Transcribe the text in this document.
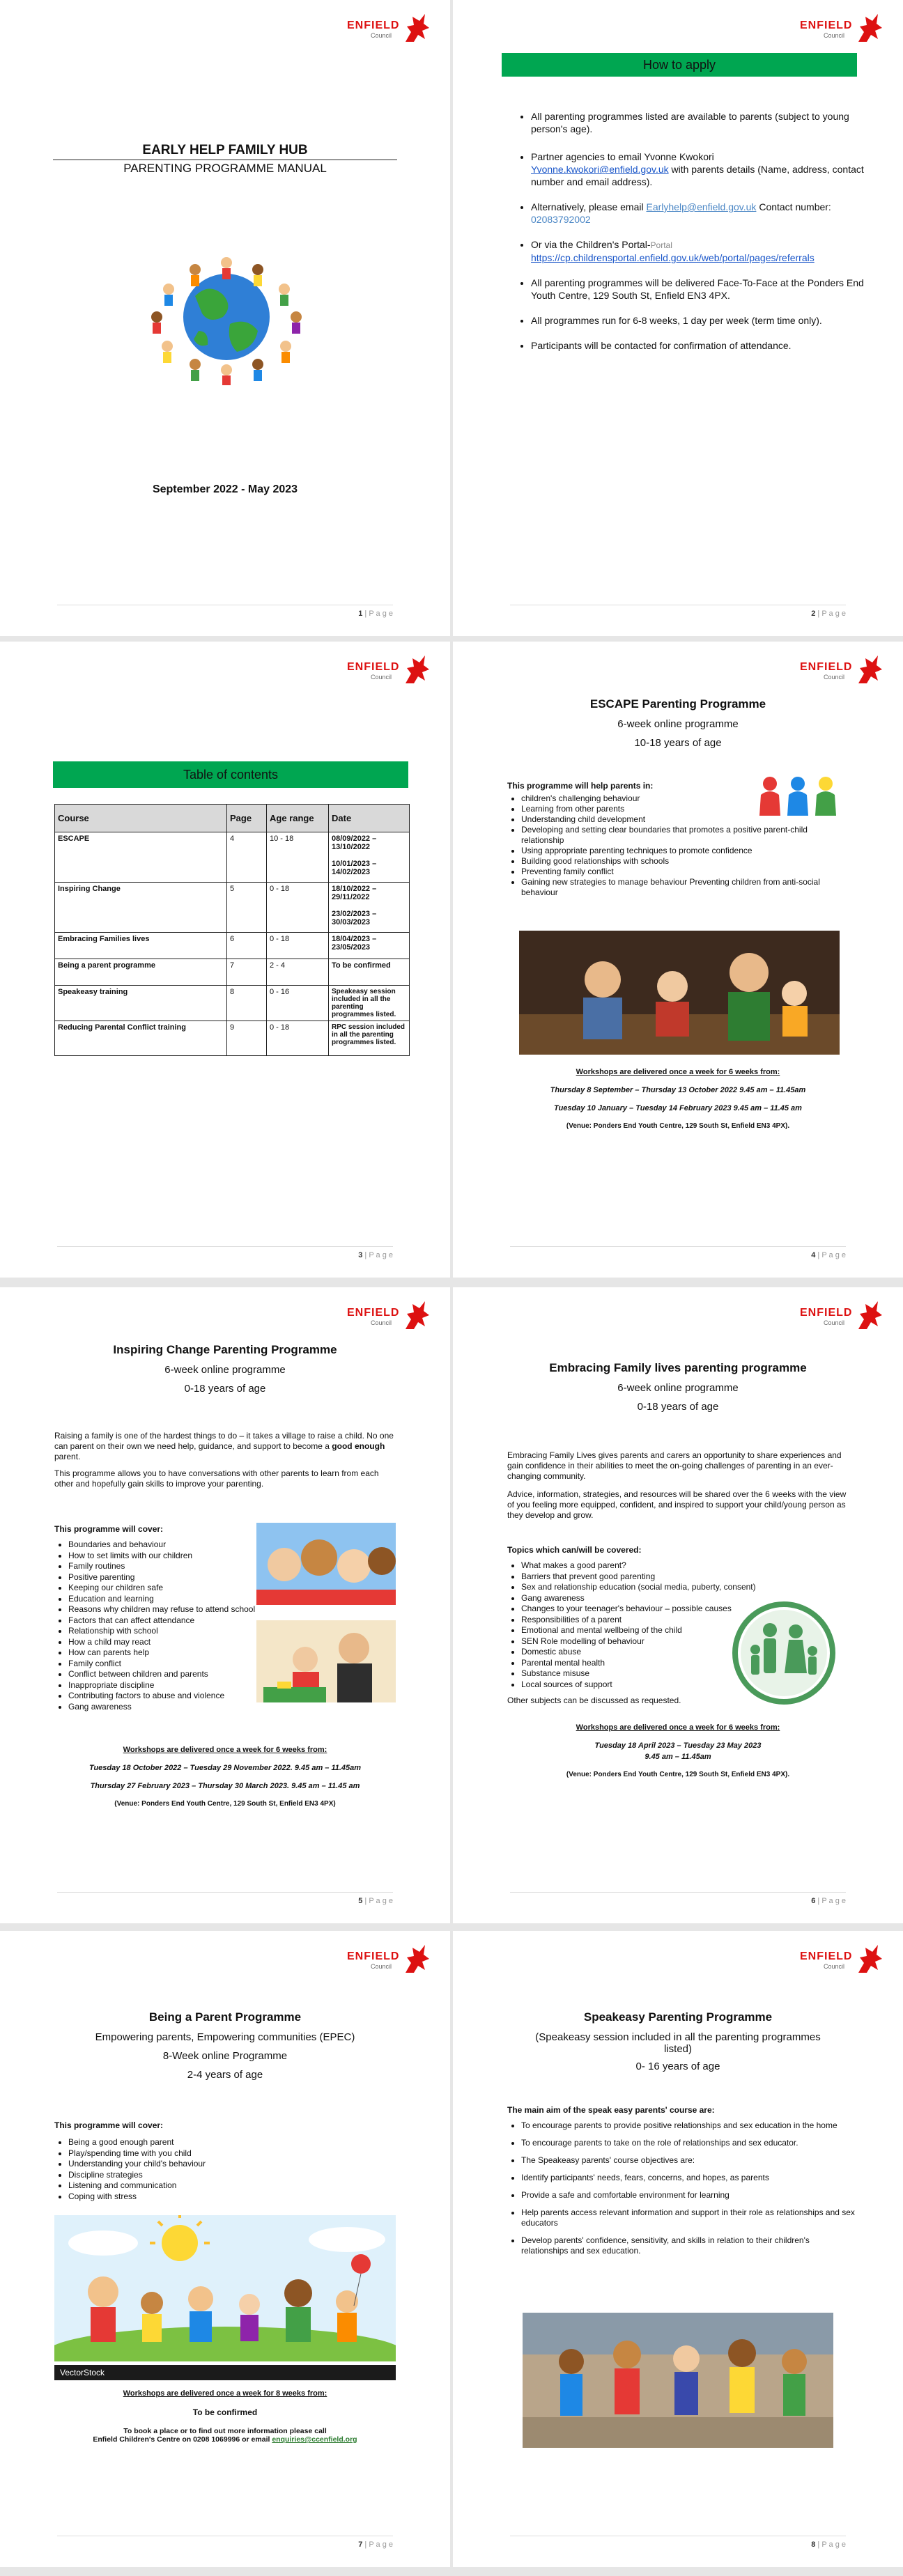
ENFIELD
Council
EARLY HELP FAMILY HUB
PARENTING PROGRAMME MANUAL
September 2022 - May 2023
1 | P a g e
ENFIELD
Council
How to apply
• All parenting programmes listed are available to parents (subject to young person's age).
• Partner agencies to email Yvonne Kwokori
Yvonne.kwokori@enfield.gov.uk with parents details (Name, address, contact number and email address).
• Alternatively, please email Earlyhelp@enfield.gov.uk Contact number: 02083792002
• Or via the Children's Portal-Portal
https://cp.childrensportal.enfield.gov.uk/web/portal/pages/referrals
• All parenting programmes will be delivered Face-To-Face at the Ponders End Youth Centre, 129 South St, Enfield EN3 4PX.
• All programmes run for 6-8 weeks, 1 day per week (term time only).
• Participants will be contacted for confirmation of attendance.
2 | P a g e
ENFIELD
Council
Table of contents
Course	Page	Age range	Date
ESCAPE	4	10 - 18	08/09/2022 – 13/10/2022

10/01/2023 – 14/02/2023
Inspiring Change	5	0 - 18	18/10/2022 – 29/11/2022

23/02/2023 – 30/03/2023
Embracing Families lives	6	0 - 18	18/04/2023 – 23/05/2023
Being a parent programme	7	2 - 4	To be confirmed
Speakeasy training	8	0 - 16	Speakeasy session included in all the parenting programmes listed.
Reducing Parental Conflict training	9	0 - 18	RPC session included in all the parenting programmes listed.
3 | P a g e
ENFIELD
Council
ESCAPE Parenting Programme
6-week online programme
10-18 years of age
This programme will help parents in:
• children's challenging behaviour
• Learning from other parents
• Understanding child development
• Developing and setting clear boundaries that promotes a positive parent-child relationship
• Using appropriate parenting techniques to promote confidence
• Building good relationships with schools
• Preventing family conflict
• Gaining new strategies to manage behaviour Preventing children from anti-social behaviour
Workshops are delivered once a week for 6 weeks from:
Thursday 8 September – Thursday 13 October 2022 9.45 am – 11.45am
Tuesday 10 January – Tuesday 14 February 2023 9.45 am – 11.45 am
(Venue: Ponders End Youth Centre, 129 South St, Enfield EN3 4PX).
4 | P a g e
ENFIELD
Council
Inspiring Change Parenting Programme
6-week online programme
0-18 years of age
Raising a family is one of the hardest things to do – it takes a village to raise a child. No one can parent on their own we need help, guidance, and support to become a good enough parent.
This programme allows you to have conversations with other parents to learn from each other and hopefully gain skills to improve your parenting.
This programme will cover:
• Boundaries and behaviour
• How to set limits with our children
• Family routines
• Positive parenting
• Keeping our children safe
• Education and learning
• Reasons why children may refuse to attend school
• Factors that can affect attendance
• Relationship with school
• How a child may react
• How can parents help
• Family conflict
• Conflict between children and parents
• Inappropriate discipline
• Contributing factors to abuse and violence
• Gang awareness
Workshops are delivered once a week for 6 weeks from:
Tuesday 18 October 2022 – Tuesday 29 November 2022. 9.45 am – 11.45am
Thursday 27 February 2023 – Thursday 30 March 2023. 9.45 am – 11.45 am
(Venue: Ponders End Youth Centre, 129 South St, Enfield EN3 4PX)
5 | P a g e
ENFIELD
Council
Embracing Family lives parenting programme
6-week online programme
0-18 years of age
Embracing Family Lives gives parents and carers an opportunity to share experiences and gain confidence in their abilities to meet the on-going challenges of parenting in an ever-changing community.
Advice, information, strategies, and resources will be shared over the 6 weeks with the view of you feeling more equipped, confident, and inspired to support your child/young person as they develop and grow.
Topics which can/will be covered:
• What makes a good parent?
• Barriers that prevent good parenting
• Sex and relationship education (social media, puberty, consent)
• Gang awareness
• Changes to your teenager's behaviour – possible causes
• Responsibilities of a parent
• Emotional and mental wellbeing of the child
• SEN Role modelling of behaviour
• Domestic abuse
• Parental mental health
• Substance misuse
• Local sources of support
Other subjects can be discussed as requested.
Workshops are delivered once a week for 6 weeks from:
Tuesday 18 April 2023 – Tuesday 23 May 2023
9.45 am – 11.45am
(Venue: Ponders End Youth Centre, 129 South St, Enfield EN3 4PX).
6 | P a g e
ENFIELD
Council
Being a Parent Programme
Empowering parents, Empowering communities (EPEC)
8-Week online Programme
2-4 years of age
This programme will cover:
• Being a good enough parent
• Play/spending time with you child
• Understanding your child's behaviour
• Discipline strategies
• Listening and communication
• Coping with stress
VectorStock
Workshops are delivered once a week for 8 weeks from:
To be confirmed
To book a place or to find out more information please call
Enfield Children's Centre on 0208 1069996 or email enquiries@ccenfield.org
7 | P a g e
ENFIELD
Council
Speakeasy Parenting Programme
(Speakeasy session included in all the parenting programmes listed)
0- 16 years of age
The main aim of the speak easy parents' course are:
• To encourage parents to provide positive relationships and sex education in the home
• To encourage parents to take on the role of relationships and sex educator.
• The Speakeasy parents' course objectives are:
• Identify participants' needs, fears, concerns, and hopes, as parents
• Provide a safe and comfortable environment for learning
• Help parents access relevant information and support in their role as relationships and sex educators
• Develop parents' confidence, sensitivity, and skills in relation to their children's relationships and sex education.
8 | P a g e
